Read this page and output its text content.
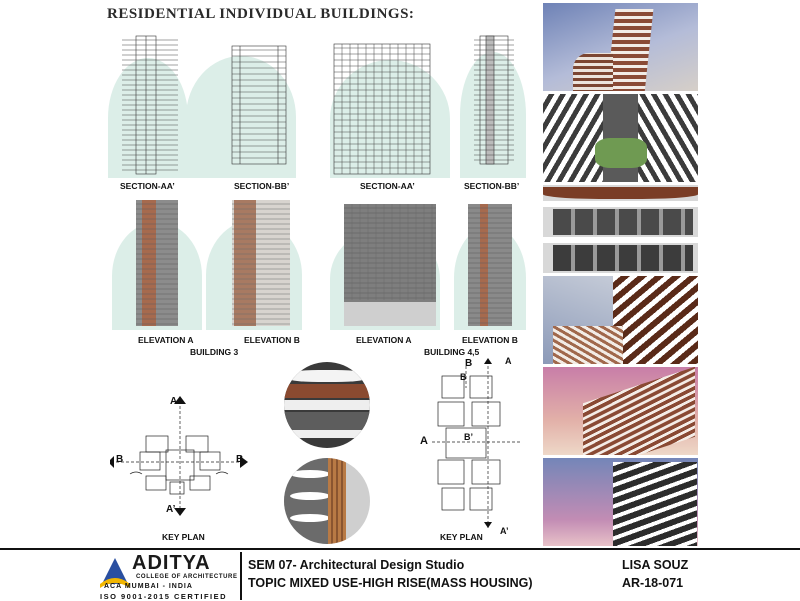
RESIDENTIAL INDIVIDUAL BUILDINGS:
SECTION-AA’	SECTION-BB’	SECTION-AA’	SECTION-BB’
ELEVATION A	ELEVATION B	ELEVATION A	ELEVATION B
BUILDING 3	BUILDING 4,5
A
A’
B	B
KEY PLAN
B
B
A
A	B’
A’
KEY PLAN
ADITYA
COLLEGE OF ARCHITECTURE
ACA MUMBAI - INDIA
ISO 9001-2015 CERTIFIED
SEM 07- Architectural Design Studio
TOPIC MIXED USE-HIGH RISE(MASS HOUSING)
LISA SOUZ
AR-18-071
